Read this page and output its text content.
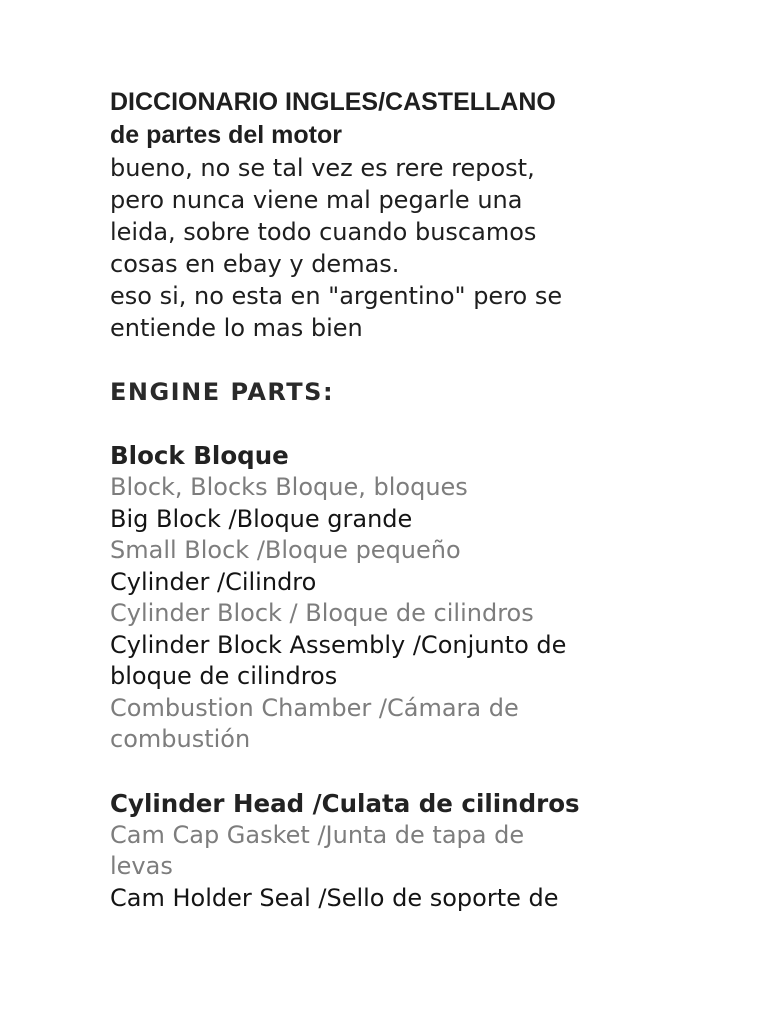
DICCIONARIO INGLES/CASTELLANO

de partes del motor

bueno, no se tal vez es rere repost,

pero nunca viene mal pegarle una

leida, sobre todo cuando buscamos

cosas en ebay y demas.

eso si, no esta en "argentino" pero se

entiende lo mas bien

ENGINE PARTS:

Block Bloque

Block, Blocks Bloque, bloques

Big Block /Bloque grande

Small Block /Bloque pequeño

Cylinder /Cilindro

Cylinder Block / Bloque de cilindros

Cylinder Block Assembly /Conjunto de

bloque de cilindros

Combustion Chamber /Cámara de

combustión

Cylinder Head /Culata de cilindros

Cam Cap Gasket /Junta de tapa de

levas

Cam Holder Seal /Sello de soporte de
